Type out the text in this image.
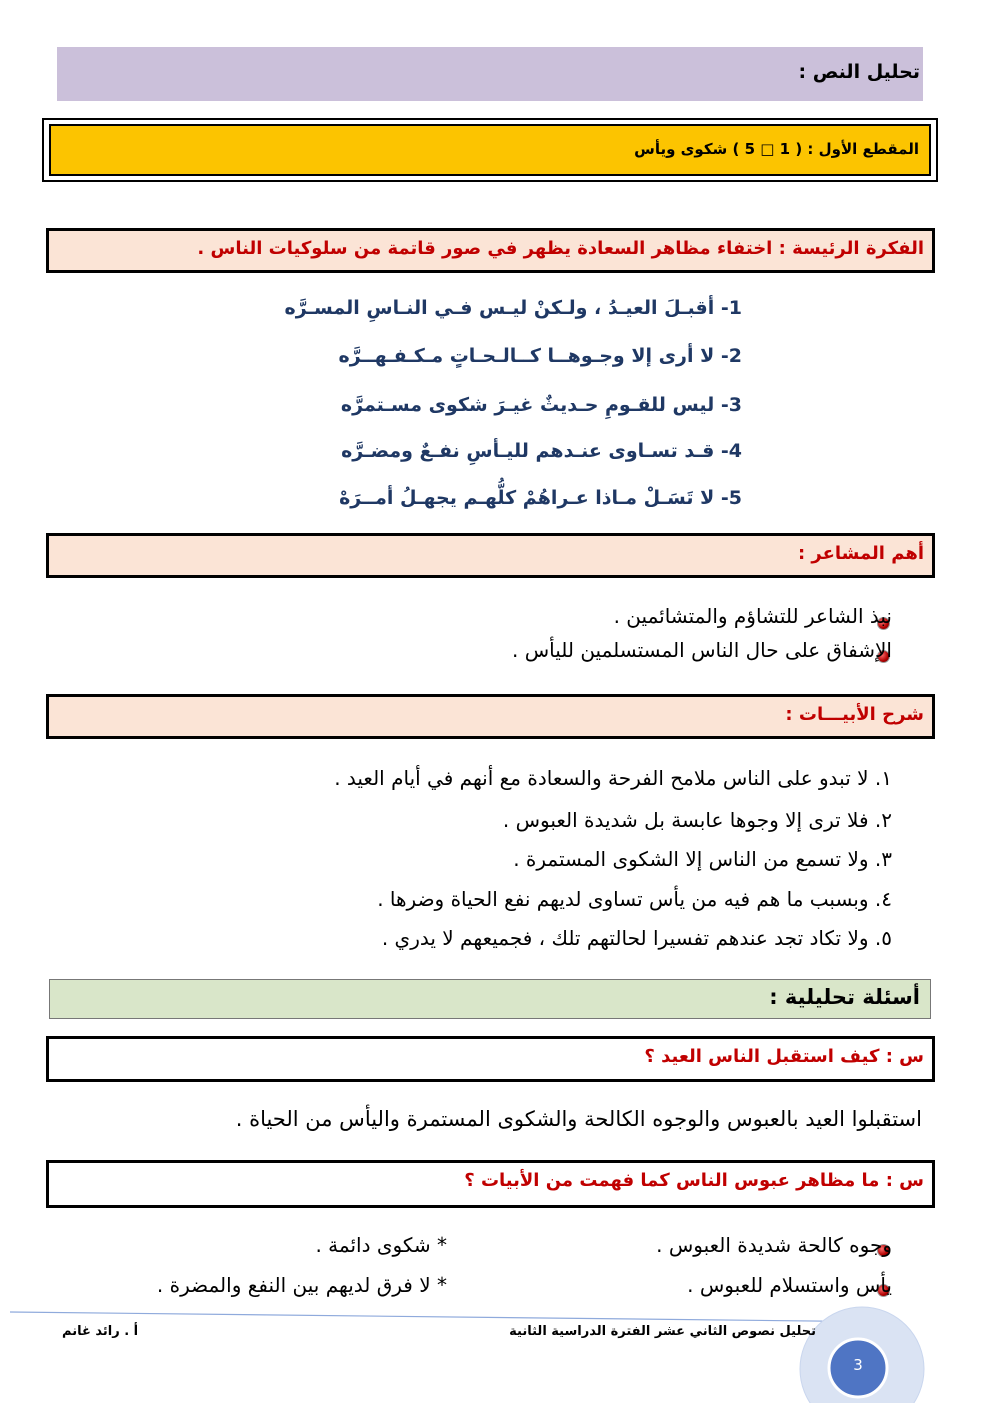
تحليل النص :
المقطع الأول : ( 1 □ 5 ) شكوى ويأس
الفكرة الرئيسة : اختفاء مظاهر السعادة يظهر في صور قاتمة من سلوكيات الناس .
1- أقبـلَ العيـدُ ، ولـكنْ ليـس فـي النـاسِ المسـرَّه
2- لا أرى إلا وجـوهــا كــالـحـاتٍ مـكـفـهــرَّه
3- ليس للقـومِ حـديثٌ غيـرَ شكوى مسـتمرَّه
4- قـد تسـاوى عنـدهم لليـأسِ نفـعٌ ومضـرَّه
5- لا تَسَـلْ مـاذا عـراهُمْ كلُّهـم يجهـلُ أمــرَهْ
أهم المشاعر :
نبذ الشاعر للتشاؤم والمتشائمين .
الإشفاق على حال الناس المستسلمين لليأس .
شرح الأبيـــات :
١. لا تبدو على الناس ملامح الفرحة والسعادة مع أنهم في أيام العيد .
٢. فلا ترى إلا وجوها عابسة بل شديدة العبوس .
٣. ولا تسمع من الناس إلا الشكوى المستمرة .
٤. وبسبب ما هم فيه من يأس تساوى لديهم نفع الحياة وضرها .
٥. ولا تكاد تجد عندهم تفسيرا لحالتهم تلك ، فجميعهم لا يدري .
أسئلة تحليلية :
س : كيف استقبل الناس العيد ؟
استقبلوا العيد بالعبوس والوجوه الكالحة والشكوى المستمرة واليأس من الحياة .
س : ما مظاهر عبوس الناس كما فهمت من الأبيات ؟
وجوه كالحة شديدة العبوس .
* شكوى دائمة .
يأس واستسلام للعبوس .
* لا فرق لديهم بين النفع والمضرة .
تحليل نصوص الثاني عشر الفترة الدراسية الثانية
أ . رائد غانم
3
